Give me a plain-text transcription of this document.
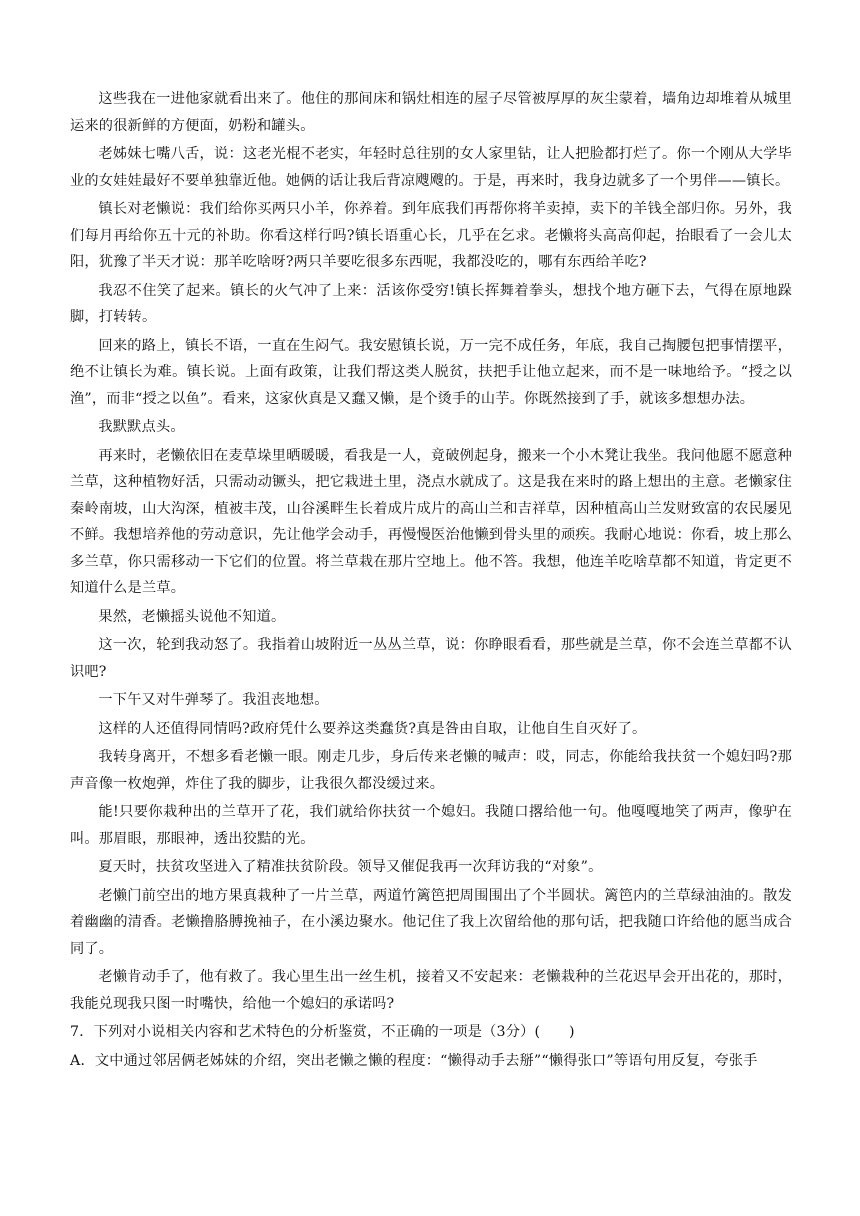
这些我在一进他家就看出来了。他住的那间床和锅灶相连的屋子尽管被厚厚的灰尘蒙着，墙角边却堆着从城里运来的很新鲜的方便面，奶粉和罐头。

老姊妹七嘴八舌，说：这老光棍不老实，年轻时总往别的女人家里钻，让人把脸都打烂了。你一个刚从大学毕业的女娃娃最好不要单独靠近他。她俩的话让我后背凉飕飕的。于是，再来时，我身边就多了一个男伴——镇长。

镇长对老懒说：我们给你买两只小羊，你养着。到年底我们再帮你将羊卖掉，卖下的羊钱全部归你。另外，我们每月再给你五十元的补助。你看这样行吗?镇长语重心长，几乎在乞求。老懒将头高高仰起，抬眼看了一会儿太阳，犹豫了半天才说：那羊吃啥呀?两只羊要吃很多东西呢，我都没吃的，哪有东西给羊吃?

我忍不住笑了起来。镇长的火气冲了上来：活该你受穷!镇长挥舞着拳头，想找个地方砸下去，气得在原地跺脚，打转转。

回来的路上，镇长不语，一直在生闷气。我安慰镇长说，万一完不成任务，年底，我自己掏腰包把事情摆平，绝不让镇长为难。镇长说。上面有政策，让我们帮这类人脱贫，扶把手让他立起来，而不是一味地给予。“授之以渔”，而非“授之以鱼”。看来，这家伙真是又蠢又懒，是个烫手的山芋。你既然接到了手，就该多想想办法。

我默默点头。

再来时，老懒依旧在麦草垛里晒暖暖，看我是一人，竟破例起身，搬来一个小木凳让我坐。我问他愿不愿意种兰草，这种植物好活，只需动动镢头，把它栽进土里，浇点水就成了。这是我在来时的路上想出的主意。老懒家住秦岭南坡，山大沟深，植被丰茂，山谷溪畔生长着成片成片的高山兰和吉祥草，因种植高山兰发财致富的农民屡见不鲜。我想培养他的劳动意识，先让他学会动手，再慢慢医治他懒到骨头里的顽疾。我耐心地说：你看，坡上那么多兰草，你只需移动一下它们的位置。将兰草栽在那片空地上。他不答。我想，他连羊吃啥草都不知道，肯定更不知道什么是兰草。

果然，老懒摇头说他不知道。

这一次，轮到我动怒了。我指着山坡附近一丛丛兰草，说：你睁眼看看，那些就是兰草，你不会连兰草都不认识吧?

一下午又对牛弹琴了。我沮丧地想。

这样的人还值得同情吗?政府凭什么要养这类蠢货?真是咎由自取，让他自生自灭好了。

我转身离开，不想多看老懒一眼。刚走几步，身后传来老懒的喊声：哎，同志，你能给我扶贫一个媳妇吗?那声音像一枚炮弹，炸住了我的脚步，让我很久都没缓过来。

能!只要你栽种出的兰草开了花，我们就给你扶贫一个媳妇。我随口撂给他一句。他嘎嘎地笑了两声，像驴在叫。那眉眼，那眼神，透出狡黠的光。

夏天时，扶贫攻坚进入了精准扶贫阶段。领导又催促我再一次拜访我的“对象”。

老懒门前空出的地方果真栽种了一片兰草，两道竹篱笆把周围围出了个半圆状。篱笆内的兰草绿油油的。散发着幽幽的清香。老懒撸胳膊挽袖子，在小溪边聚水。他记住了我上次留给他的那句话，把我随口许给他的愿当成合同了。

老懒肯动手了，他有救了。我心里生出一丝生机，接着又不安起来：老懒栽种的兰花迟早会开出花的，那时，我能兑现我只图一时嘴快，给他一个媳妇的承诺吗?

7．下列对小说相关内容和艺术特色的分析鉴赏，不正确的一项是（3分）(　　)

A．文中通过邻居俩老姊妹的介绍，突出老懒之懒的程度：“懒得动手去掰”“懒得张口”等语句用反复，夸张手
